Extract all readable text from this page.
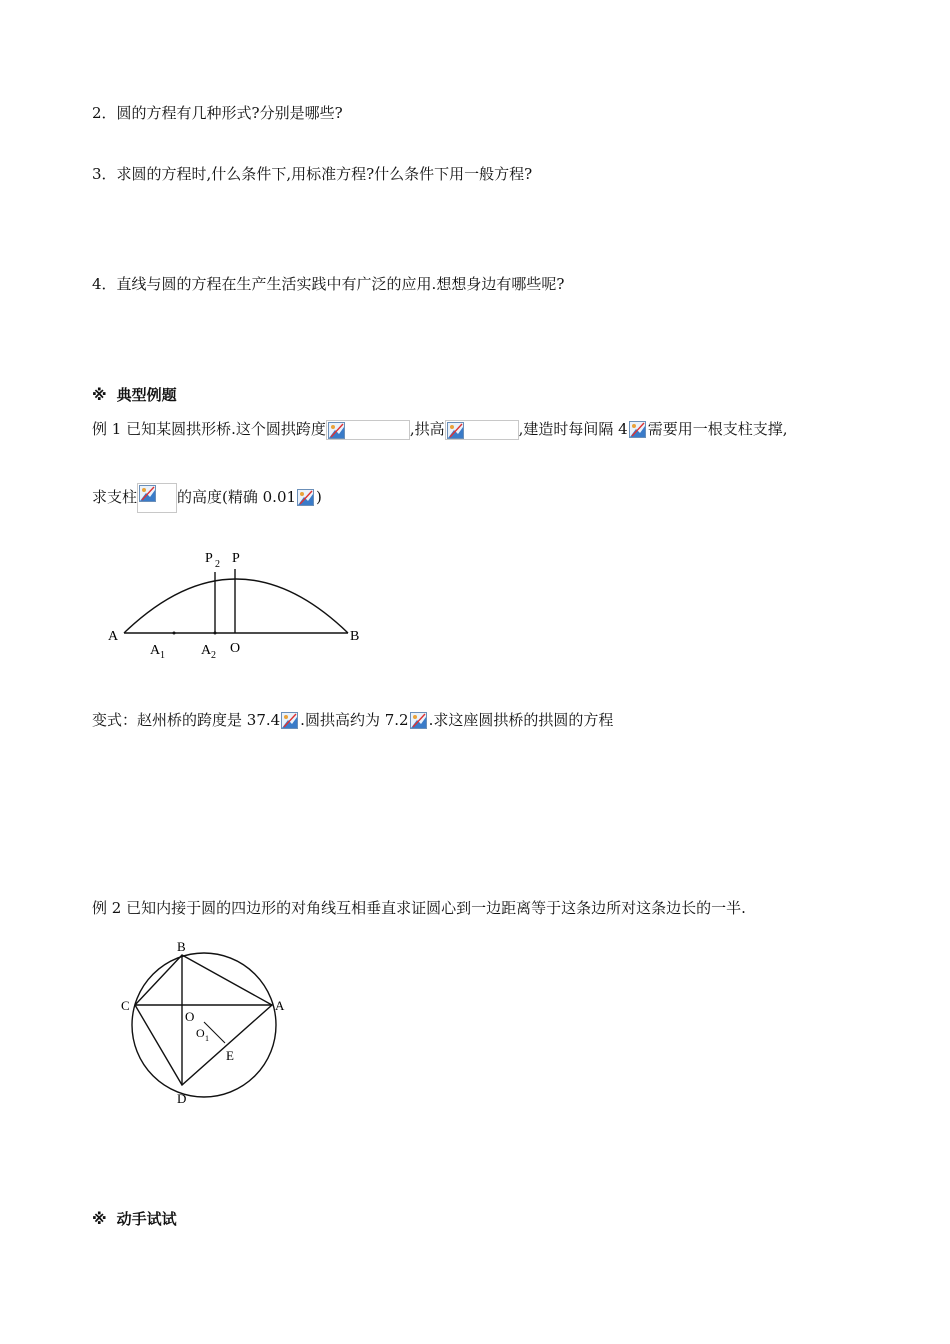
2．圆的方程有几种形式?分别是哪些?
3．求圆的方程时,什么条件下,用标准方程?什么条件下用一般方程?
4．直线与圆的方程在生产生活实践中有广泛的应用.想想身边有哪些呢?
※ 典型例题
例 1 已知某圆拱形桥.这个圆拱跨度	,拱高	,建造时每间隔 4 需要用一根支柱支撑,
求支柱	的高度(精确 0.01 )
A	B
A 1	A 2 O
P 2 P
变式：赵州桥的跨度是 37.4 .圆拱高约为 7.2 .求这座圆拱桥的拱圆的方程
例 2 已知内接于圆的四边形的对角线互相垂直求证圆心到一边距离等于这条边所对这条边长的一半.
B
A
C
D
O
O 1
E
※ 动手试试
